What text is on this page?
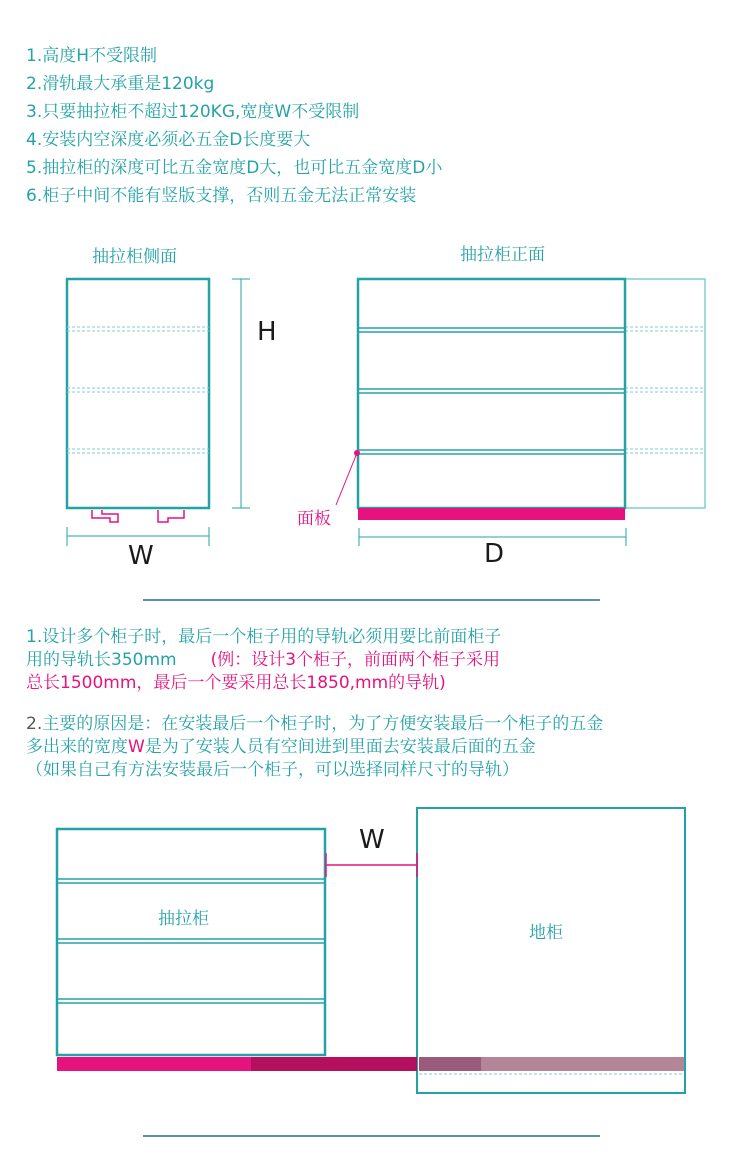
1.高度H不受限制
2.滑轨最大承重是120kg
3.只要抽拉柜不超过120KG,宽度W不受限制
4.安装内空深度必须必五金D长度要大
5.抽拉柜的深度可比五金宽度D大，也可比五金宽度D小
6.柜子中间不能有竖版支撑，否则五金无法正常安装
抽拉柜侧面	抽拉柜正面
H
W
面板
D
1.设计多个柜子时，最后一个柜子用的导轨必须用要比前面柜子
用的导轨长350mm (例：设计3个柜子，前面两个柜子采用
总长1500mm，最后一个要采用总长1850,mm的导轨)
2.主要的原因是：在安装最后一个柜子时，为了方便安装最后一个柜子的五金
多出来的宽度W是为了安装人员有空间进到里面去安装最后面的五金
（如果自己有方法安装最后一个柜子，可以选择同样尺寸的导轨）
抽拉柜
地柜
W
